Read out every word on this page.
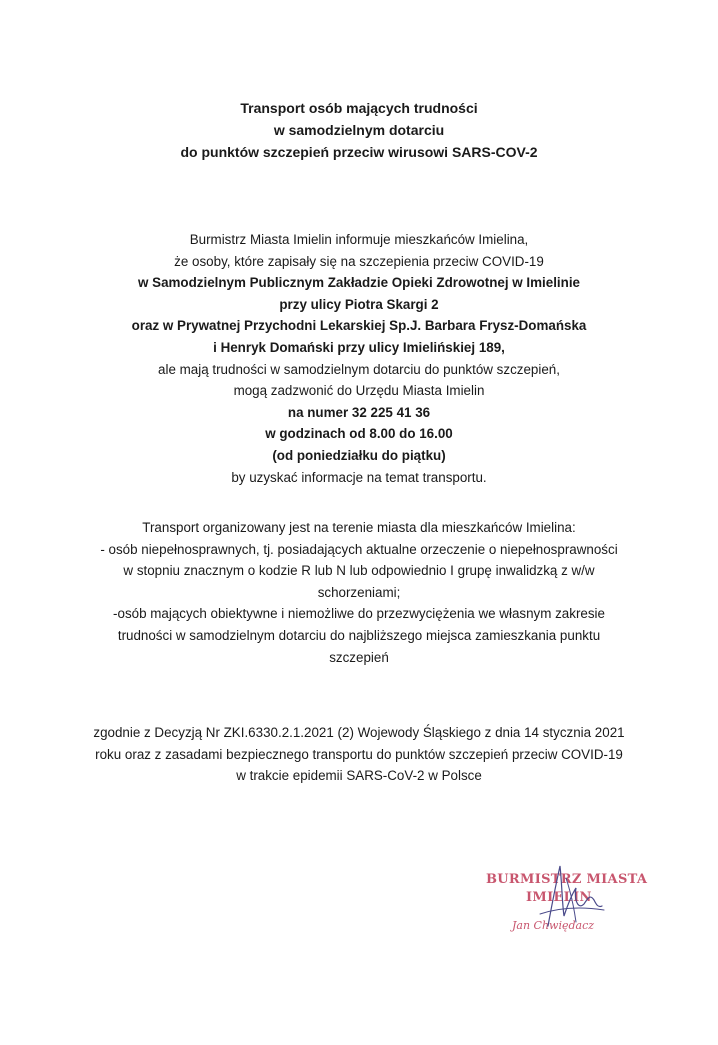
Transport osób mających trudności
w samodzielnym dotarciu
do punktów szczepień przeciw wirusowi SARS-COV-2
Burmistrz Miasta Imielin informuje mieszkańców Imielina,
że osoby, które zapisały się na szczepienia przeciw COVID-19
w Samodzielnym Publicznym Zakładzie Opieki Zdrowotnej w Imielinie
przy ulicy Piotra Skargi 2
oraz w Prywatnej Przychodni Lekarskiej Sp.J. Barbara Frysz-Domańska
i Henryk Domański przy ulicy Imielińskiej 189,
ale mają trudności w samodzielnym dotarciu do punktów szczepień,
mogą zadzwonić do Urzędu Miasta Imielin
na numer 32 225 41 36
w godzinach od 8.00 do 16.00
(od poniedziałku do piątku)
by uzyskać informacje na temat transportu.
Transport organizowany jest na terenie miasta dla mieszkańców Imielina:
- osób niepełnosprawnych, tj. posiadających aktualne orzeczenie o niepełnosprawności
w stopniu znacznym o kodzie R lub N lub odpowiednio I grupę inwalidzką z w/w
schorzeniami;
-osób mających obiektywne i niemożliwe do przezwyciężenia we własnym zakresie
trudności w samodzielnym dotarciu do najbliższego miejsca zamieszkania punktu
szczepień
zgodnie z Decyzją Nr ZKI.6330.2.1.2021 (2) Wojewody Śląskiego z dnia 14 stycznia 2021
roku oraz z zasadami bezpiecznego transportu do punktów szczepień przeciw COVID-19
w trakcie epidemii SARS-CoV-2 w Polsce
BURMISTRZ MIASTA
IMIELIN
Jan Chwiędacz
